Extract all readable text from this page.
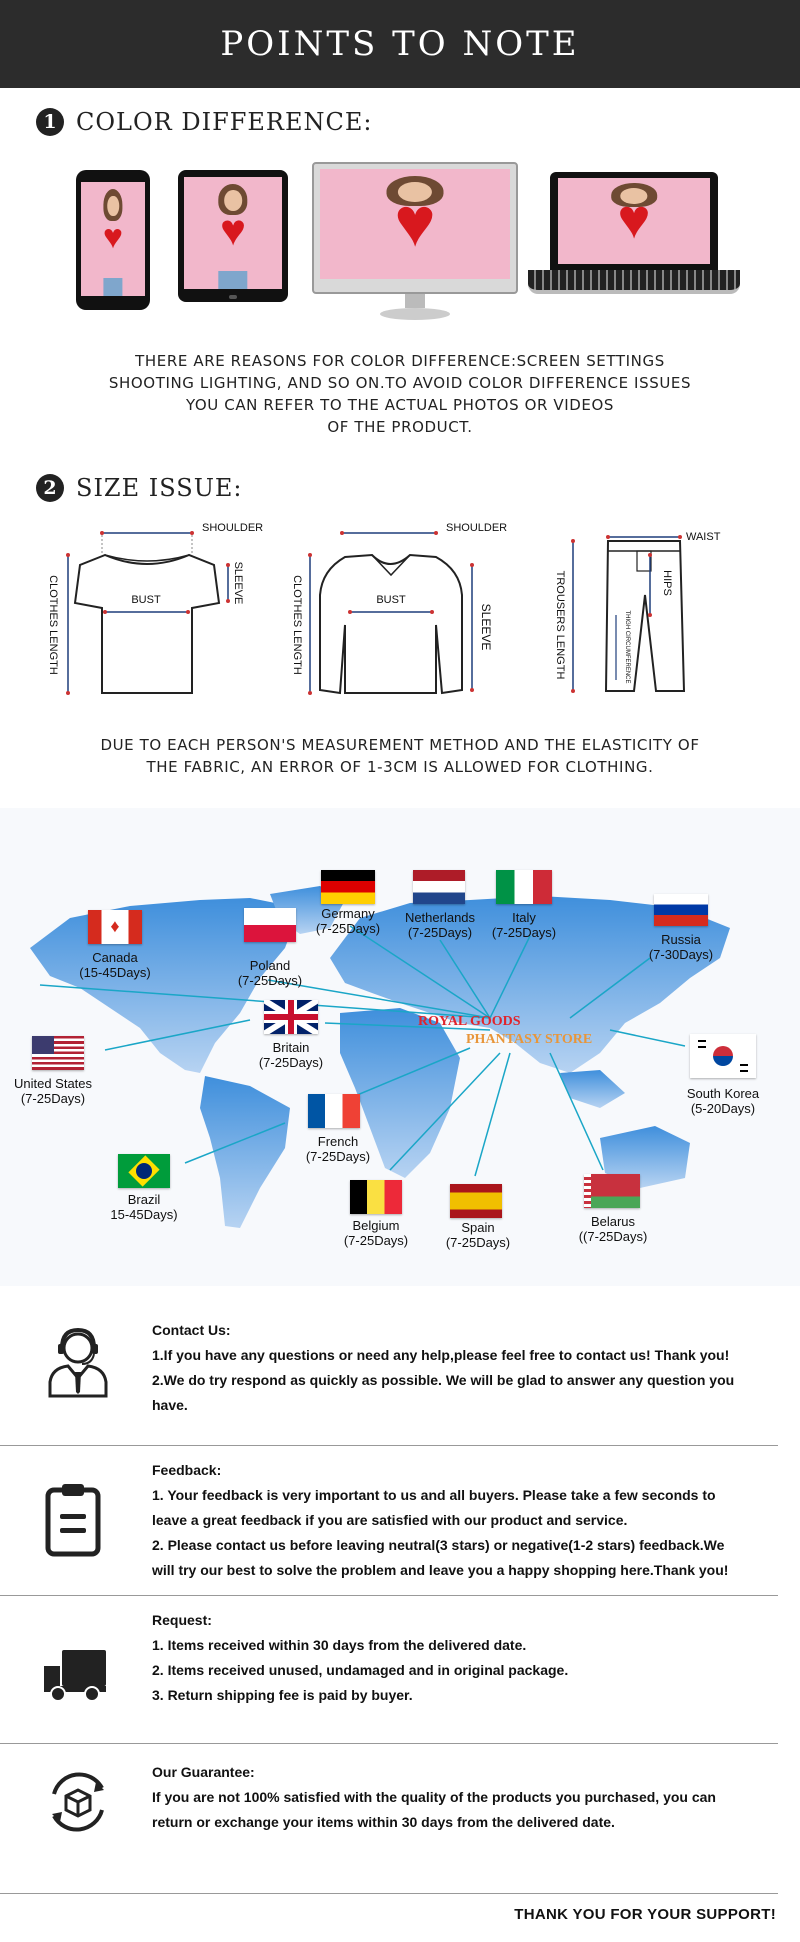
POINTS TO NOTE
1 COLOR DIFFERENCE:
♥ ♥ ♥	♥
THERE ARE REASONS FOR COLOR DIFFERENCE:SCREEN SETTINGS
SHOOTING LIGHTING, AND SO ON.TO AVOID COLOR DIFFERENCE ISSUES
YOU CAN REFER TO THE ACTUAL PHOTOS OR VIDEOS
OF THE PRODUCT.
2 SIZE ISSUE:
SHOULDER
SLEEVE
BUST
CLOTHES LENGTH
SHOULDER
SLEEVE
BUST
CLOTHES LENGTH
WAIST
HIPS
THIGH CIRCUMFERENCE
TROUSERS LENGTH
DUE TO EACH PERSON'S MEASUREMENT METHOD AND THE ELASTICITY OF
THE FABRIC, AN ERROR OF 1-3CM IS ALLOWED FOR CLOTHING.
ROYAL GOODS
PHANTASY STORE
♦
Canada
(15-45Days)	Poland
(7-25Days)
Germany
(7-25Days)
Netherlands
(7-25Days)
Italy
(7-25Days)	Russia
(7-30Days)
United States
(7-25Days)
Britain
(7-25Days)
South Korea
(5-20Days)
French
(7-25Days)
Brazil
15-45Days)
Belgium
(7-25Days)
Spain
(7-25Days)
Belarus
((7-25Days)
Contact Us:
1.If you have any questions or need any help,please feel free to contact us! Thank you!
2.We do try respond as quickly as possible. We will be glad to answer any question you
have.
Feedback:
1. Your feedback is very important to us and all buyers. Please take a few seconds to
leave a great feedback if you are satisfied with our product and service.
2. Please contact us before leaving neutral(3 stars) or negative(1-2 stars) feedback.We
will try our best to solve the problem and leave you a happy shopping here.Thank you!
Request:
1. Items received within 30 days from the delivered date.
2. Items received unused, undamaged and in original package.
3. Return shipping fee is paid by buyer.
Our Guarantee:
If you are not 100% satisfied with the quality of the products you purchased, you can
return or exchange your items within 30 days from the delivered date.
THANK YOU FOR YOUR SUPPORT!
